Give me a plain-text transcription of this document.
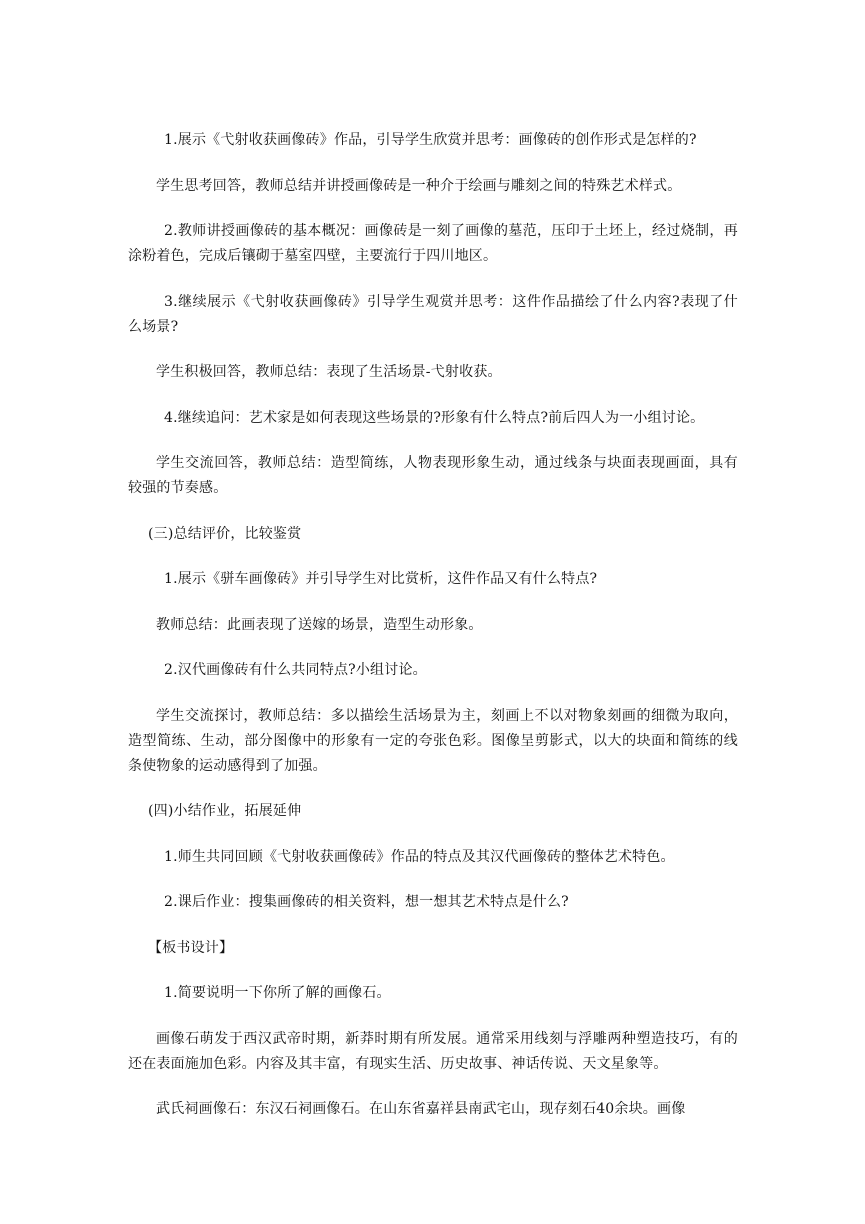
1.展示《弋射收获画像砖》作品，引导学生欣赏并思考：画像砖的创作形式是怎样的?

学生思考回答，教师总结并讲授画像砖是一种介于绘画与雕刻之间的特殊艺术样式。

2.教师讲授画像砖的基本概况：画像砖是一刻了画像的墓范，压印于土坯上，经过烧制，再涂粉着色，完成后镶砌于墓室四壁，主要流行于四川地区。

3.继续展示《弋射收获画像砖》引导学生观赏并思考：这件作品描绘了什么内容?表现了什么场景?

学生积极回答，教师总结：表现了生活场景-弋射收获。

4.继续追问：艺术家是如何表现这些场景的?形象有什么特点?前后四人为一小组讨论。

学生交流回答，教师总结：造型简练，人物表现形象生动，通过线条与块面表现画面，具有较强的节奏感。

(三)总结评价，比较鉴赏

1.展示《骈车画像砖》并引导学生对比赏析，这件作品又有什么特点?

教师总结：此画表现了送嫁的场景，造型生动形象。

2.汉代画像砖有什么共同特点?小组讨论。

学生交流探讨，教师总结：多以描绘生活场景为主，刻画上不以对物象刻画的细微为取向，造型简练、生动，部分图像中的形象有一定的夸张色彩。图像呈剪影式，以大的块面和简练的线条使物象的运动感得到了加强。

(四)小结作业，拓展延伸

1.师生共同回顾《弋射收获画像砖》作品的特点及其汉代画像砖的整体艺术特色。

2.课后作业：搜集画像砖的相关资料，想一想其艺术特点是什么?

【板书设计】

1.简要说明一下你所了解的画像石。

画像石萌发于西汉武帝时期，新莽时期有所发展。通常采用线刻与浮雕两种塑造技巧，有的还在表面施加色彩。内容及其丰富，有现实生活、历史故事、神话传说、天文星象等。

武氏祠画像石：东汉石祠画像石。在山东省嘉祥县南武宅山，现存刻石40余块。画像
